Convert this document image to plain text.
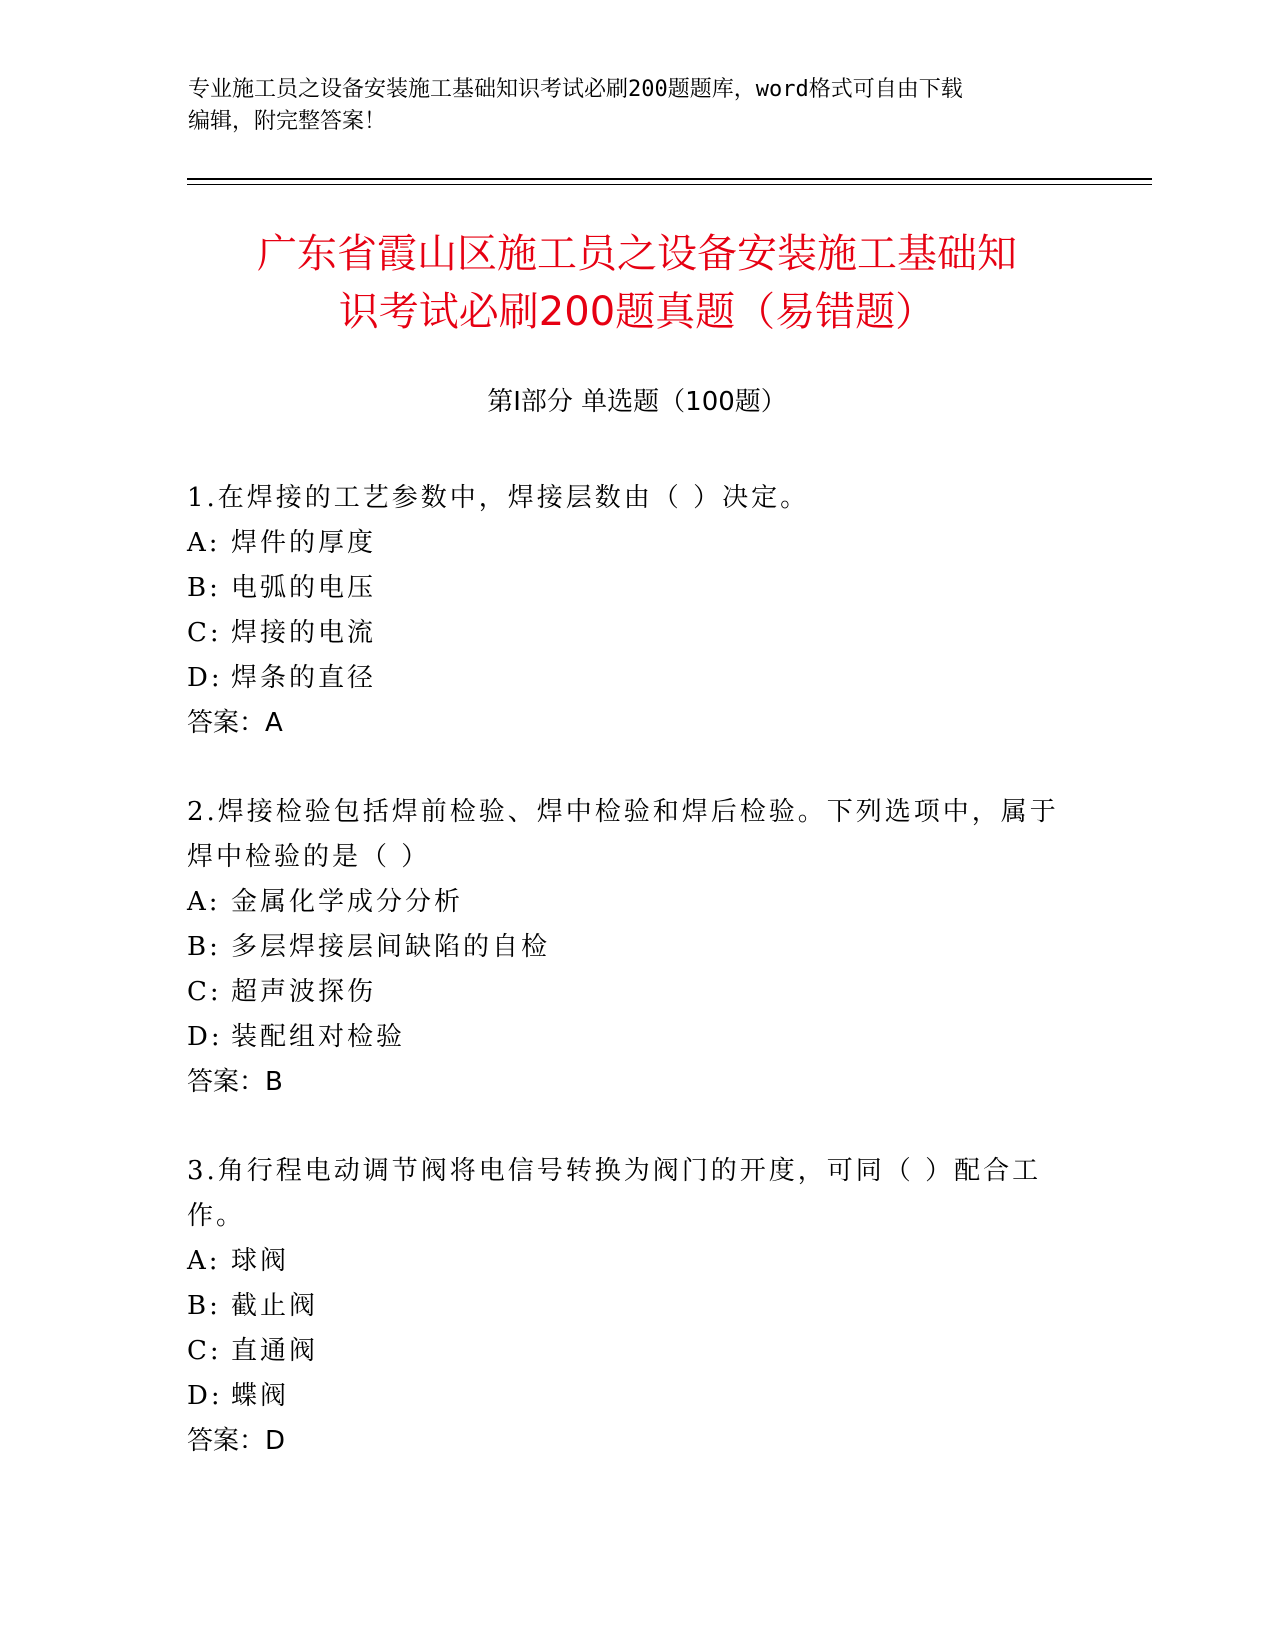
专业施工员之设备安装施工基础知识考试必刷200题题库，word格式可自由下载
编辑，附完整答案！
广东省霞山区施工员之设备安装施工基础知
识考试必刷200题真题（易错题）
第Ⅰ部分 单选题（100题）

1.在焊接的工艺参数中，焊接层数由（ ）决定。

A: 焊件的厚度
B: 电弧的电压
C: 焊接的电流
D: 焊条的直径
答案：A

2.焊接检验包括焊前检验、焊中检验和焊后检验。下列选项中，属于焊中检验的是（ ）

A: 金属化学成分分析
B: 多层焊接层间缺陷的自检
C: 超声波探伤
D: 装配组对检验
答案：B

3.角行程电动调节阀将电信号转换为阀门的开度，可同（ ）配合工作。

A: 球阀
B: 截止阀
C: 直通阀
D: 蝶阀
答案：D
